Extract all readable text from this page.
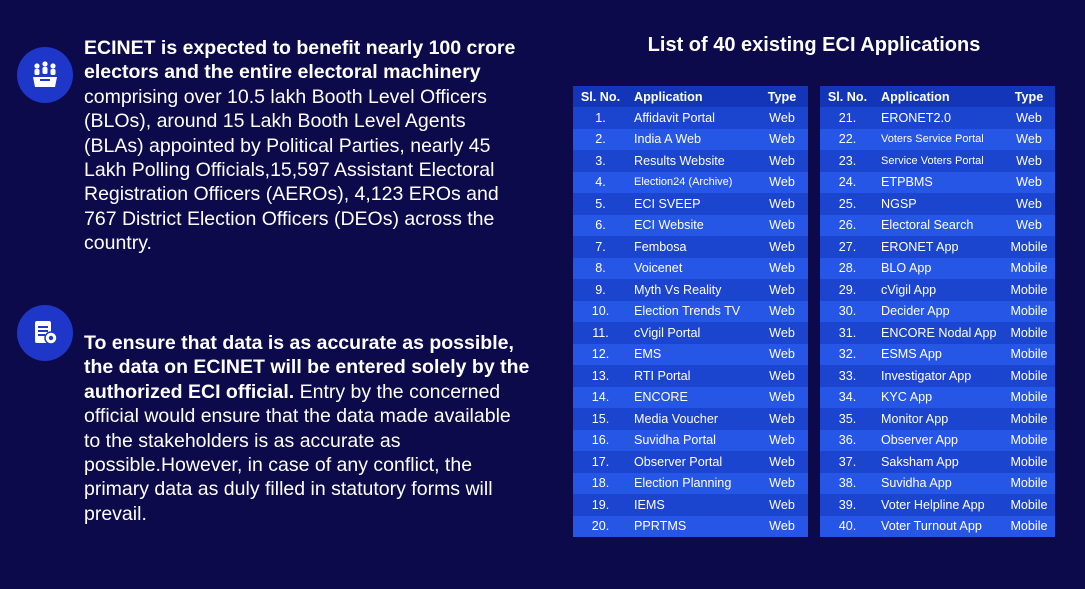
ECINET is expected to benefit nearly 100 crore electors and the entire electoral machinery comprising over 10.5 lakh Booth Level Officers (BLOs), around 15 Lakh Booth Level Agents (BLAs) appointed by Political Parties, nearly 45 Lakh Polling Officials,15,597 Assistant Electoral Registration Officers (AEROs), 4,123 EROs and 767 District Election Officers (DEOs) across the country.
To ensure that data is as accurate as possible, the data on ECINET will be entered solely by the authorized ECI official. Entry by the concerned official would ensure that the data made available to the stakeholders is as accurate as possible.However, in case of any conflict, the primary data as duly filled in statutory forms will prevail.
List of 40 existing ECI Applications
Sl. No.	Application	Type
1.	Affidavit Portal	Web
2.	India A Web	Web
3.	Results Website	Web
4.	Election24 (Archive)	Web
5.	ECI SVEEP	Web
6.	ECI Website	Web
7.	Fembosa	Web
8.	Voicenet	Web
9.	Myth Vs Reality	Web
10.	Election Trends TV	Web
11.	cVigil Portal	Web
12.	EMS	Web
13.	RTI Portal	Web
14.	ENCORE	Web
15.	Media Voucher	Web
16.	Suvidha Portal	Web
17.	Observer Portal	Web
18.	Election Planning	Web
19.	IEMS	Web
20.	PPRTMS	Web
Sl. No.	Application	Type
21.	ERONET2.0	Web
22.	Voters Service Portal	Web
23.	Service Voters Portal	Web
24.	ETPBMS	Web
25.	NGSP	Web
26.	Electoral Search	Web
27.	ERONET App	Mobile
28.	BLO App	Mobile
29.	cVigil App	Mobile
30.	Decider App	Mobile
31.	ENCORE Nodal App	Mobile
32.	ESMS App	Mobile
33.	Investigator App	Mobile
34.	KYC App	Mobile
35.	Monitor App	Mobile
36.	Observer App	Mobile
37.	Saksham App	Mobile
38.	Suvidha App	Mobile
39.	Voter Helpline App	Mobile
40.	Voter Turnout App	Mobile
